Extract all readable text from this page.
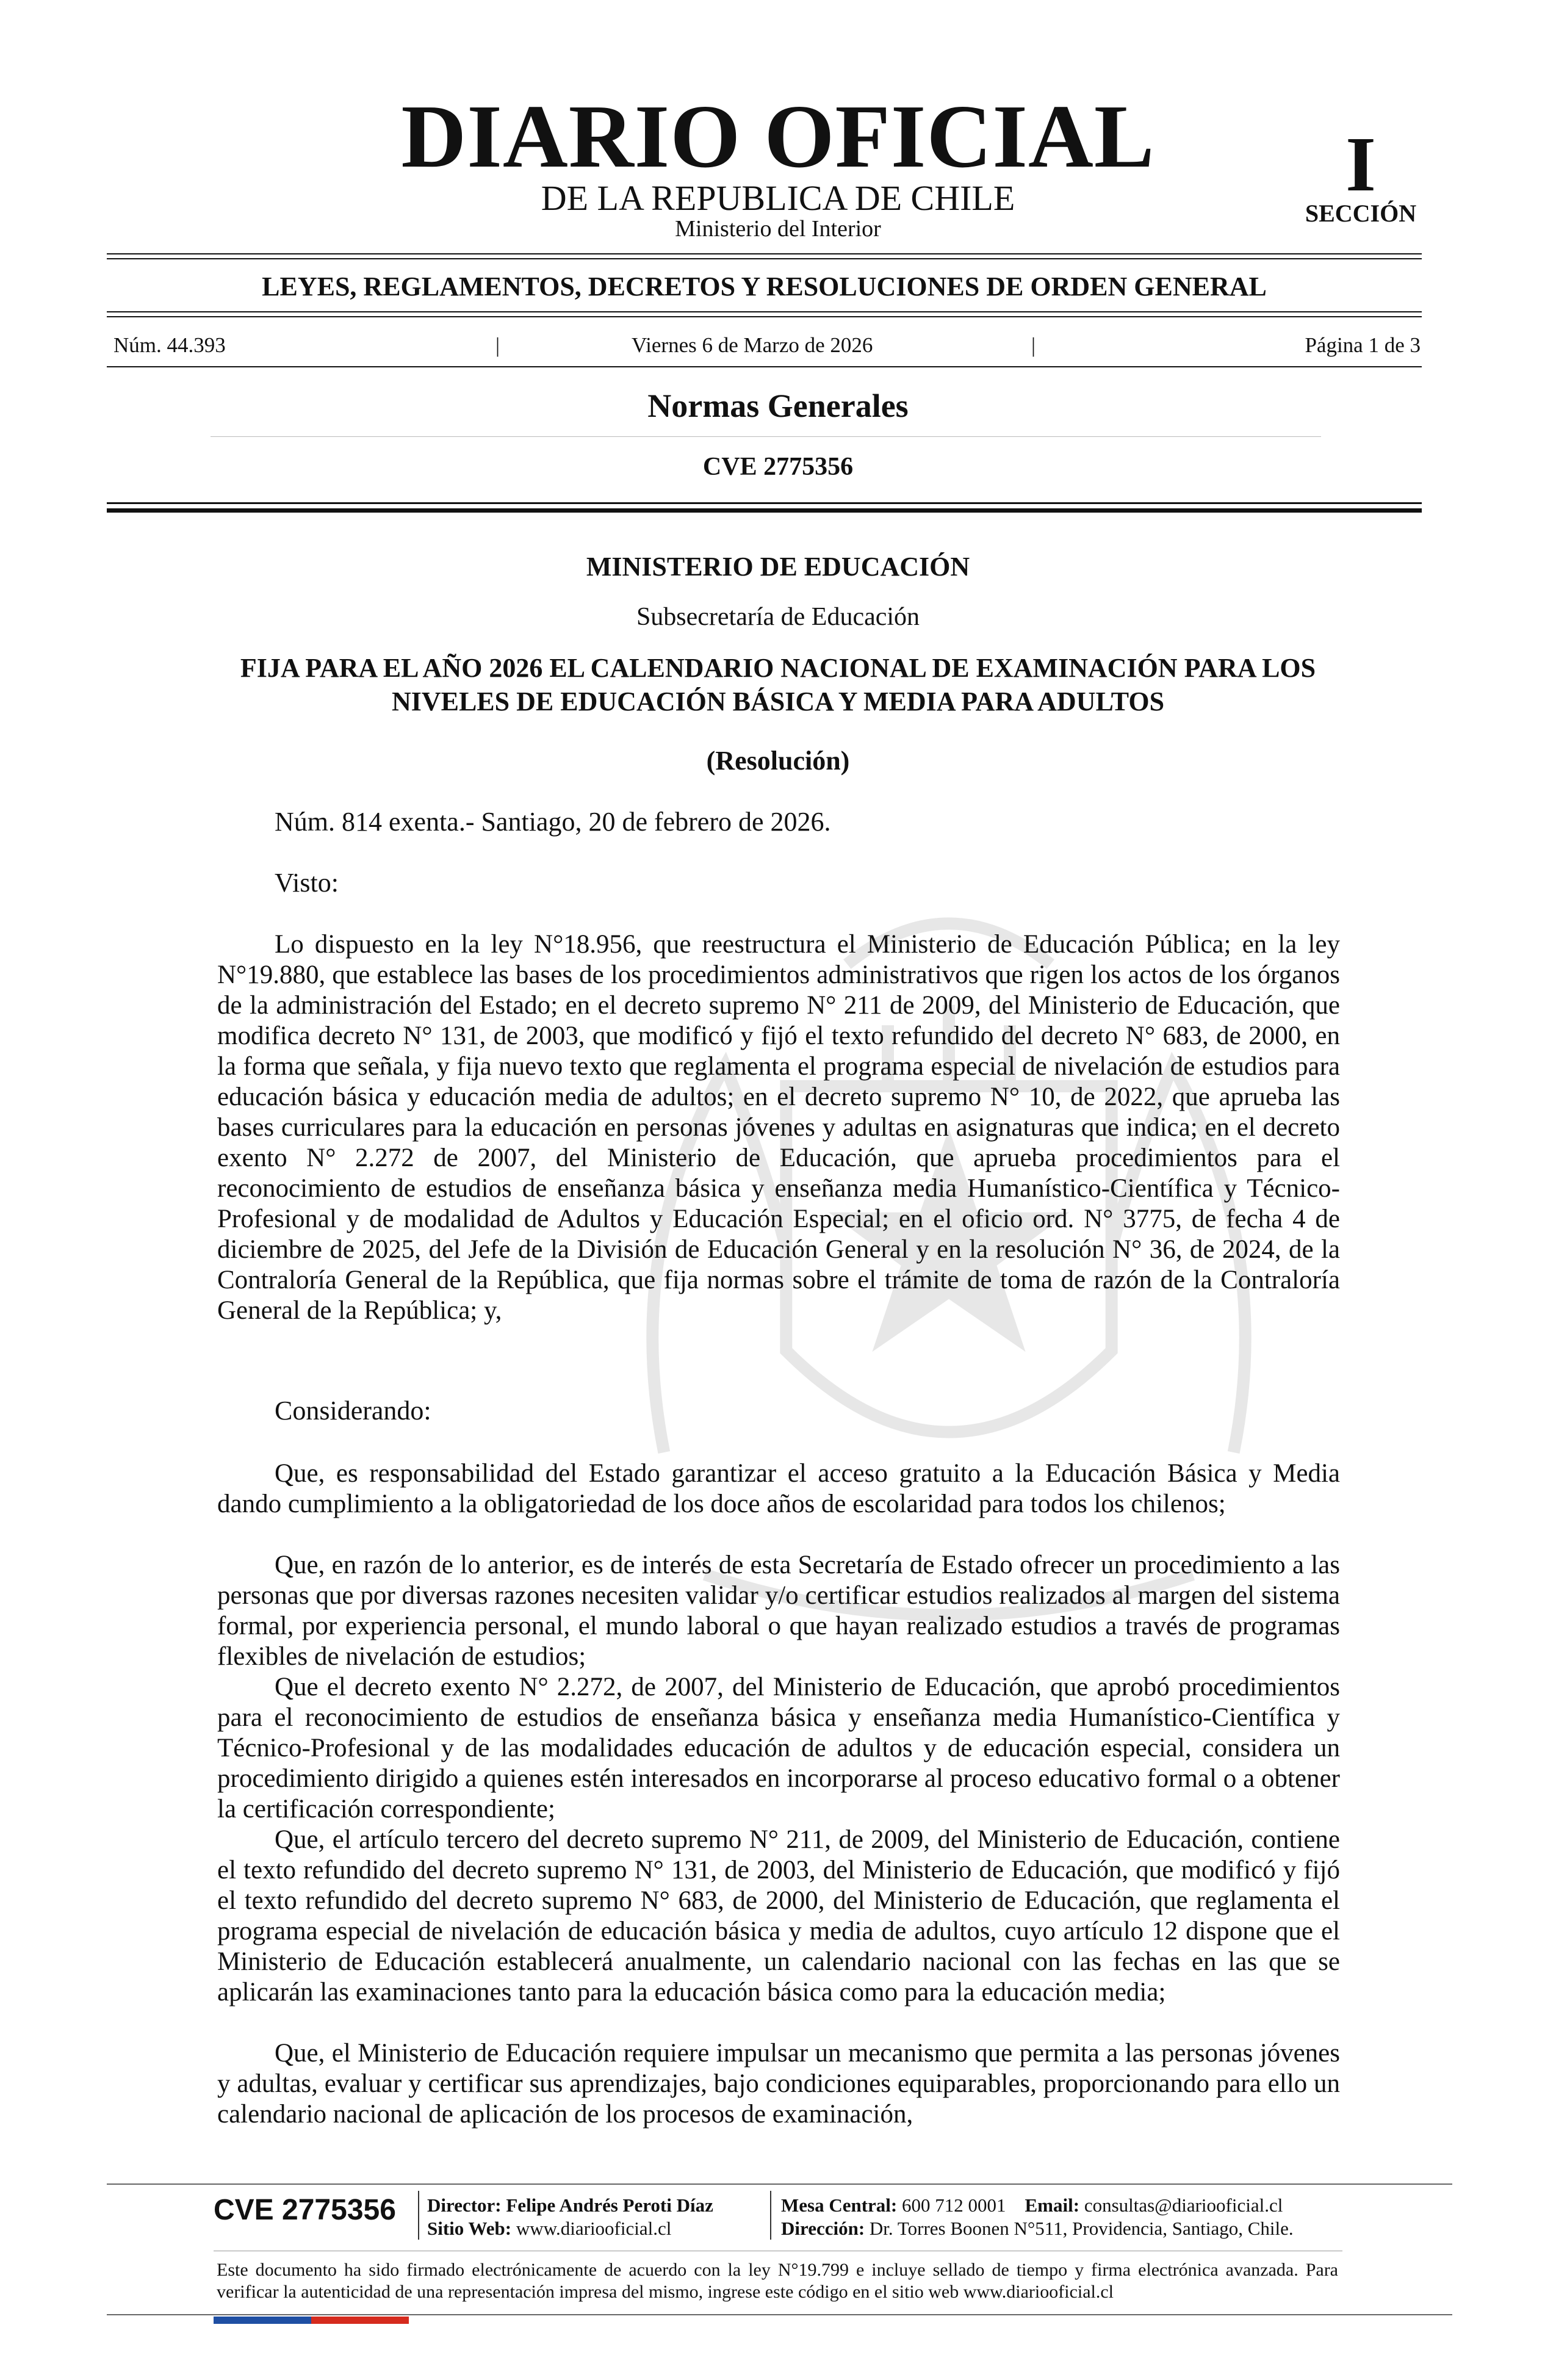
DIARIO OFICIAL
DE LA REPUBLICA DE CHILE
Ministerio del Interior
I
SECCIÓN
LEYES, REGLAMENTOS, DECRETOS Y RESOLUCIONES DE ORDEN GENERAL
Núm. 44.393	|	Viernes 6 de Marzo de 2026	|	Página 1 de 3
Normas Generales
CVE 2775356
MINISTERIO DE EDUCACIÓN
Subsecretaría de Educación
FIJA PARA EL AÑO 2026 EL CALENDARIO NACIONAL DE EXAMINACIÓN PARA LOS NIVELES DE EDUCACIÓN BÁSICA Y MEDIA PARA ADULTOS
(Resolución)
Núm. 814 exenta.- Santiago, 20 de febrero de 2026.
Visto:

Lo dispuesto en la ley N°18.956, que reestructura el Ministerio de Educación Pública; en la ley N°19.880, que establece las bases de los procedimientos administrativos que rigen los actos de los órganos de la administración del Estado; en el decreto supremo N° 211 de 2009, del Ministerio de Educación, que modifica decreto N° 131, de 2003, que modificó y fijó el texto refundido del decreto N° 683, de 2000, en la forma que señala, y fija nuevo texto que reglamenta el programa especial de nivelación de estudios para educación básica y educación media de adultos; en el decreto supremo N° 10, de 2022, que aprueba las bases curriculares para la educación en personas jóvenes y adultas en asignaturas que indica; en el decreto exento N° 2.272 de 2007, del Ministerio de Educación, que aprueba procedimientos para el reconocimiento de estudios de enseñanza básica y enseñanza media Humanístico-Científica y Técnico-Profesional y de modalidad de Adultos y Educación Especial; en el oficio ord. N° 3775, de fecha 4 de diciembre de 2025, del Jefe de la División de Educación General y en la resolución N° 36, de 2024, de la Contraloría General de la República, que fija normas sobre el trámite de toma de razón de la Contraloría General de la República; y,

Considerando:

Que, es responsabilidad del Estado garantizar el acceso gratuito a la Educación Básica y Media dando cumplimiento a la obligatoriedad de los doce años de escolaridad para todos los chilenos;

Que, en razón de lo anterior, es de interés de esta Secretaría de Estado ofrecer un procedimiento a las personas que por diversas razones necesiten validar y/o certificar estudios realizados al margen del sistema formal, por experiencia personal, el mundo laboral o que hayan realizado estudios a través de programas flexibles de nivelación de estudios;

Que el decreto exento N° 2.272, de 2007, del Ministerio de Educación, que aprobó procedimientos para el reconocimiento de estudios de enseñanza básica y enseñanza media Humanístico-Científica y Técnico-Profesional y de las modalidades educación de adultos y de educación especial, considera un procedimiento dirigido a quienes estén interesados en incorporarse al proceso educativo formal o a obtener la certificación correspondiente;

Que, el artículo tercero del decreto supremo N° 211, de 2009, del Ministerio de Educación, contiene el texto refundido del decreto supremo N° 131, de 2003, del Ministerio de Educación, que modificó y fijó el texto refundido del decreto supremo N° 683, de 2000, del Ministerio de Educación, que reglamenta el programa especial de nivelación de educación básica y media de adultos, cuyo artículo 12 dispone que el Ministerio de Educación establecerá anualmente, un calendario nacional con las fechas en las que se aplicarán las examinaciones tanto para la educación básica como para la educación media;

Que, el Ministerio de Educación requiere impulsar un mecanismo que permita a las personas jóvenes y adultas, evaluar y certificar sus aprendizajes, bajo condiciones equiparables, proporcionando para ello un calendario nacional de aplicación de los procesos de examinación,

CVE 2775356 Director: Felipe Andrés Peroti Díaz
Sitio Web: www.diariooficial.cl
Mesa Central: 600 712 0001 Email: consultas@diariooficial.cl
Dirección: Dr. Torres Boonen N°511, Providencia, Santiago, Chile.
Este documento ha sido firmado electrónicamente de acuerdo con la ley N°19.799 e incluye sellado de tiempo y firma electrónica avanzada. Para verificar la autenticidad de una representación impresa del mismo, ingrese este código en el sitio web www.diariooficial.cl
